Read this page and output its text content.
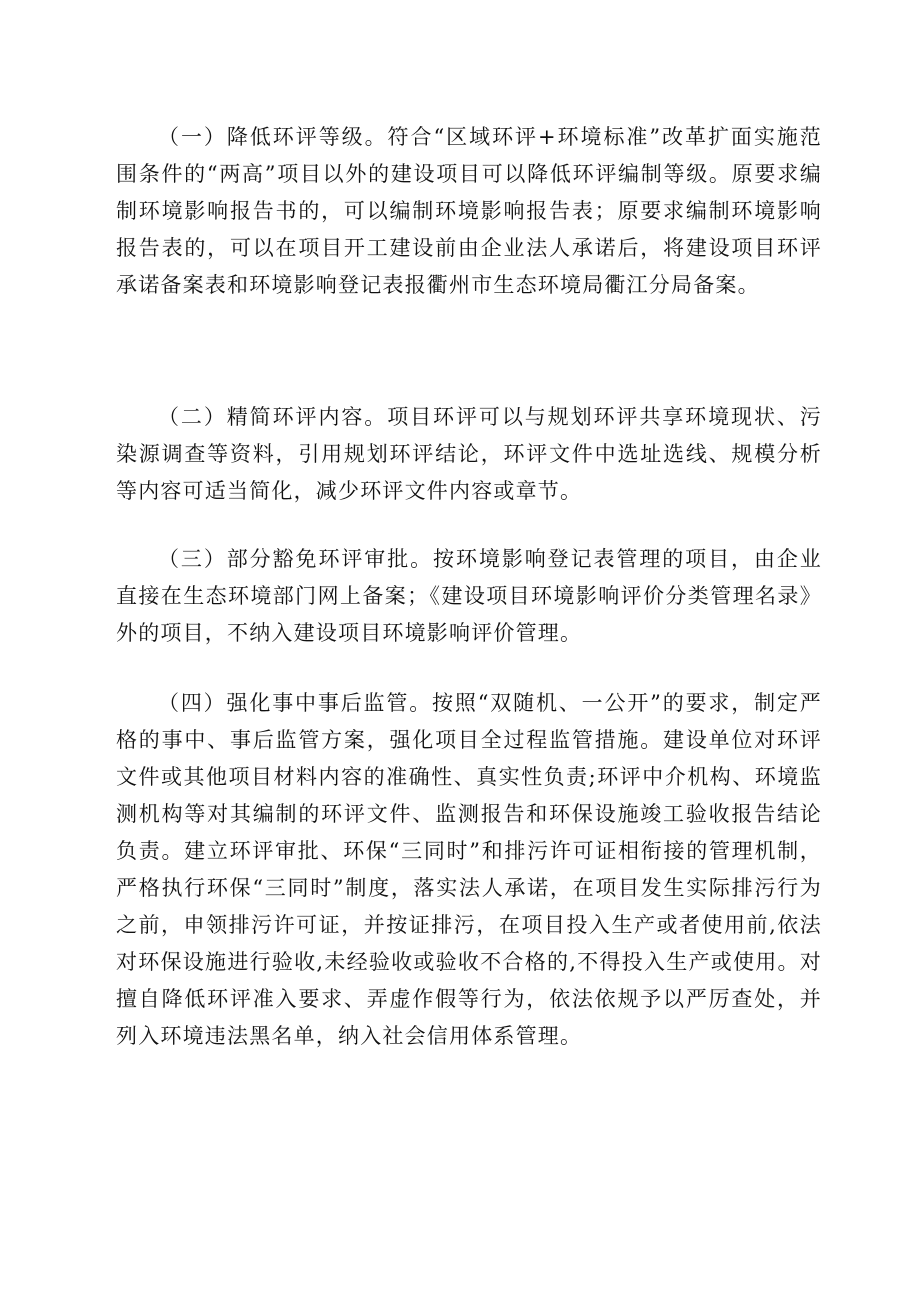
（一）降低环评等级。符合“区域环评+环境标准”改革扩面实施范围条件的“两高”项目以外的建设项目可以降低环评编制等级。原要求编制环境影响报告书的，可以编制环境影响报告表；原要求编制环境影响报告表的，可以在项目开工建设前由企业法人承诺后，将建设项目环评承诺备案表和环境影响登记表报衢州市生态环境局衢江分局备案。

（二）精简环评内容。项目环评可以与规划环评共享环境现状、污染源调查等资料，引用规划环评结论，环评文件中选址选线、规模分析等内容可适当简化，减少环评文件内容或章节。

（三）部分豁免环评审批。按环境影响登记表管理的项目，由企业直接在生态环境部门网上备案；《建设项目环境影响评价分类管理名录》外的项目，不纳入建设项目环境影响评价管理。

（四）强化事中事后监管。按照“双随机、一公开”的要求，制定严格的事中、事后监管方案，强化项目全过程监管措施。建设单位对环评文件或其他项目材料内容的准确性、真实性负责;环评中介机构、环境监测机构等对其编制的环评文件、监测报告和环保设施竣工验收报告结论负责。建立环评审批、环保“三同时”和排污许可证相衔接的管理机制，严格执行环保“三同时”制度，落实法人承诺，在项目发生实际排污行为之前，申领排污许可证，并按证排污，在项目投入生产或者使用前,依法对环保设施进行验收,未经验收或验收不合格的,不得投入生产或使用。对擅自降低环评准入要求、弄虚作假等行为，依法依规予以严厉查处，并列入环境违法黑名单，纳入社会信用体系管理。
